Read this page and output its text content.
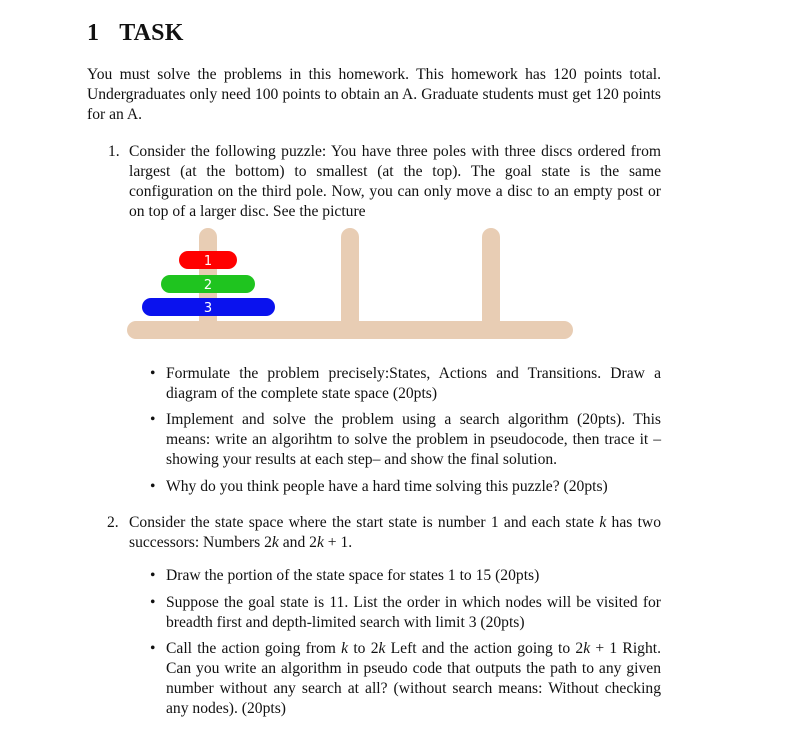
1 TASK
You must solve the problems in this homework. This homework has 120 points total. Undergraduates only need 100 points to obtain an A. Graduate students must get 120 points for an A.
1. Consider the following puzzle: You have three poles with three discs ordered from largest (at the bottom) to smallest (at the top). The goal state is the same configuration on the third pole. Now, you can only move a disc to an empty post or on top of a larger disc. See the picture
1
2
3
• Formulate the problem precisely:States, Actions and Transitions. Draw a diagram of the complete state space (20pts)
• Implement and solve the problem using a search algorithm (20pts). This means: write an algorihtm to solve the problem in pseudocode, then trace it –showing your results at each step– and show the final solution.
• Why do you think people have a hard time solving this puzzle? (20pts)
2. Consider the state space where the start state is number 1 and each state k has two successors: Numbers 2k and 2k + 1.
• Draw the portion of the state space for states 1 to 15 (20pts)
• Suppose the goal state is 11. List the order in which nodes will be visited for breadth first and depth-limited search with limit 3 (20pts)
• Call the action going from k to 2k Left and the action going to 2k + 1 Right. Can you write an algorithm in pseudo code that outputs the path to any given number without any search at all? (without search means: Without checking any nodes). (20pts)
